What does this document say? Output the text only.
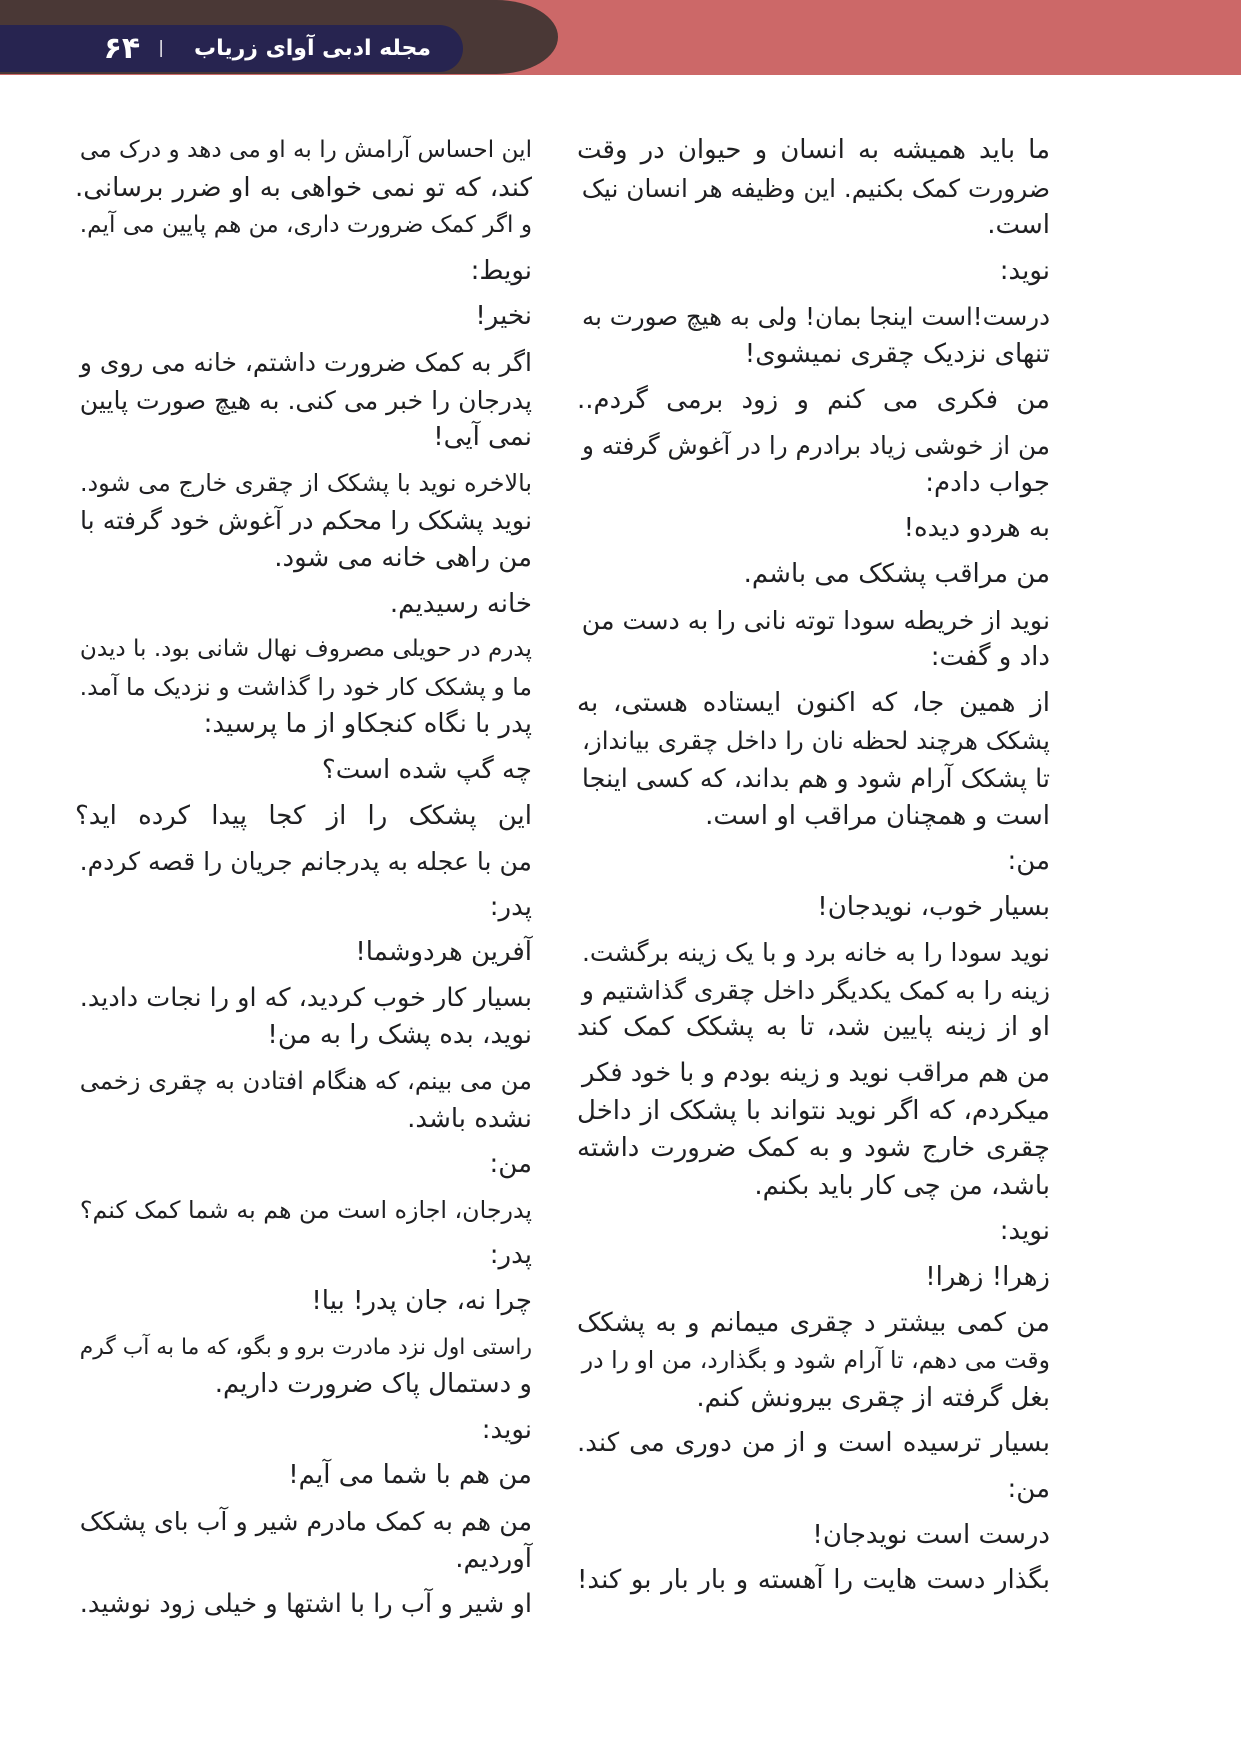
مجله ادبی آوای زریاب
|
۶۴
ما باید همیشه به انسان و حیوان در وقت
ضرورت کمک بکنیم. این وظیفه هر انسان نیک
است.
نوید:
درست!است اینجا بمان! ولی به هیچ صورت به
تنهای نزدیک چقری نمیشوی!
من فکری می کنم و زود برمی گردم..
من از خوشی زیاد برادرم را در آغوش گرفته و
جواب دادم:
به هردو دیده!
من مراقب پشکک می باشم.
نوید از خریطه سودا توته نانی را به دست من
داد و گفت:
از همین جا، که اکنون ایستاده هستی، به
پشکک هرچند لحظه نان را داخل چقری بیانداز،
تا پشکک آرام شود و هم بداند، که کسی اینجا
است و همچنان مراقب او است.
من:
بسیار خوب، نویدجان!
نوید سودا را به خانه برد و با یک زینه برگشت.
زینه را به کمک یکدیگر داخل چقری گذاشتیم و
او از زینه پایین شد، تا به پشکک کمک کند
من هم مراقب نوید و زینه بودم و با خود فکر
میکردم، که اگر نوید نتواند با پشکک از داخل
چقری خارج شود و به کمک ضرورت داشته
باشد، من چی کار باید بکنم.
نوید:
زهرا! زهرا!
من کمی بیشتر د چقری میمانم و به پشکک
وقت می دهم، تا آرام شود و بگذارد، من او را در
بغل گرفته از چقری بیرونش کنم.
بسیار ترسیده است و از من دوری می کند.
من:
درست است نویدجان!
بگذار دست هایت را آهسته و بار بار بو کند!
این احساس آرامش را به او می دهد و درک می
کند، که تو نمی خواهی به او ضرر برسانی.
و اگر کمک ضرورت داری، من هم پایین می آیم.
نویط:
نخیر!
اگر به کمک ضرورت داشتم، خانه می روی و
پدرجان را خبر می کنی. به هیچ صورت پایین
نمی آیی!
بالاخره نوید با پشکک از چقری خارج می شود.
نوید پشکک را محکم در آغوش خود گرفته با
من راهی خانه می شود.
خانه رسیدیم.
پدرم در حویلی مصروف نهال شانی بود. با دیدن
ما و پشکک کار خود را گذاشت و نزدیک ما آمد.
پدر با نگاه کنجکاو از ما پرسید:
چه گپ شده است؟
این پشکک را از کجا پیدا کرده اید؟
من با عجله به پدرجانم جریان را قصه کردم.
پدر:
آفرین هردوشما!
بسیار کار خوب کردید، که او را نجات دادید.
نوید، بده پشک را به من!
من می بینم، که هنگام افتادن به چقری زخمی
نشده باشد.
من:
پدرجان، اجازه است من هم به شما کمک کنم؟
پدر:
چرا نه، جان پدر! بیا!
راستی اول نزد مادرت برو و بگو، که ما به آب گرم
و دستمال پاک ضرورت داریم.
نوید:
من هم با شما می آیم!
من هم به کمک مادرم شیر و آب بای پشکک
آوردیم.
او شیر و آب را با اشتها و خیلی زود نوشید.
